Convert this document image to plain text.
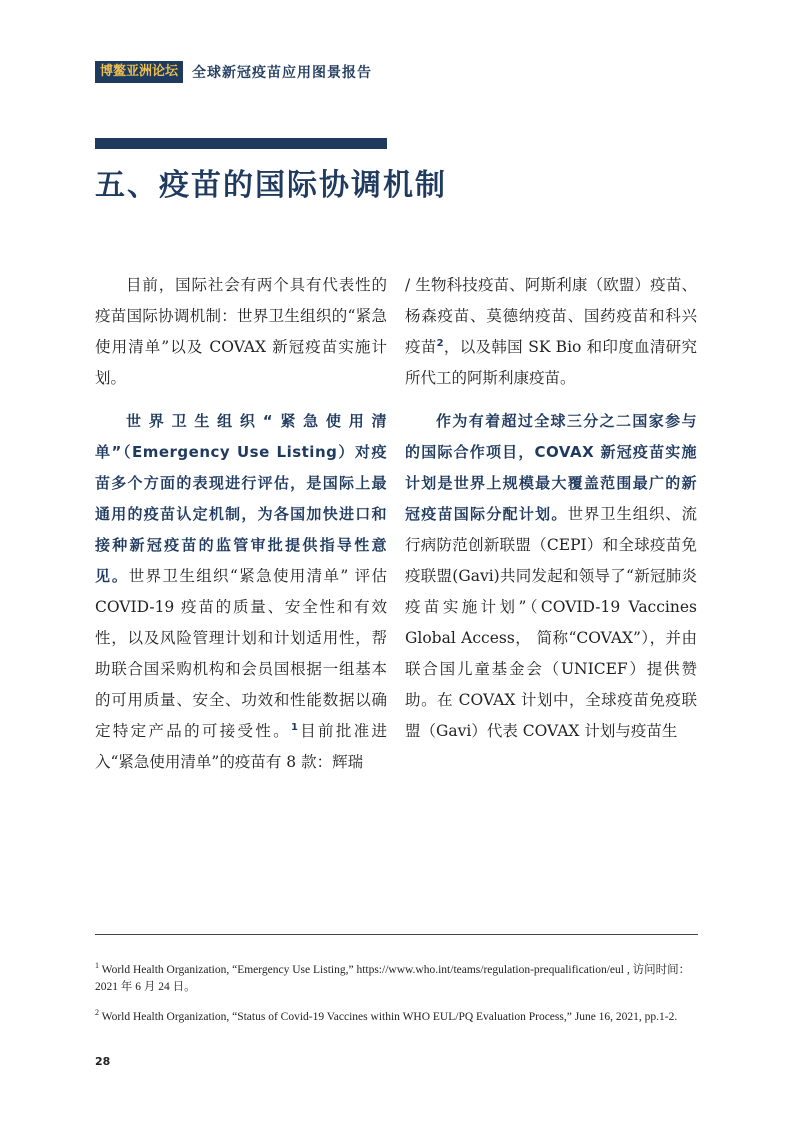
博鳌亚洲论坛	全球新冠疫苗应用图景报告
五、疫苗的国际协调机制

目前，国际社会有两个具有代表性的疫苗国际协调机制：世界卫生组织的“紧急使用清单”以及 COVAX 新冠疫苗实施计划。

世界卫生组织“紧急使用清单”（Emergency Use Listing）对疫苗多个方面的表现进行评估，是国际上最通用的疫苗认定机制，为各国加快进口和接种新冠疫苗的监管审批提供指导性意见。世界卫生组织“紧急使用清单” 评估 COVID-19 疫苗的质量、安全性和有效性，以及风险管理计划和计划适用性，帮助联合国采购机构和会员国根据一组基本的可用质量、安全、功效和性能数据以确定特定产品的可接受性。$^1$目前批准进入“紧急使用清单”的疫苗有 8 款：辉瑞

/ 生物科技疫苗、阿斯利康（欧盟）疫苗、杨森疫苗、莫德纳疫苗、国药疫苗和科兴疫苗$^2$，以及韩国 SK Bio 和印度血清研究所代工的阿斯利康疫苗。

作为有着超过全球三分之二国家参与的国际合作项目，COVAX 新冠疫苗实施计划是世界上规模最大覆盖范围最广的新冠疫苗国际分配计划。世界卫生组织、流行病防范创新联盟（CEPI）和全球疫苗免疫联盟(Gavi)共同发起和领导了“新冠肺炎疫苗实施计划”（COVID-19 Vaccines Global Access， 简称“COVAX”），并由联合国儿童基金会（UNICEF）提供赞助。在 COVAX 计划中，全球疫苗免疫联盟（Gavi）代表 COVAX 计划与疫苗生

$^1$ World Health Organization, “Emergency Use Listing,” https://www.who.int/teams/regulation-prequalification/eul , 访问时间：2021 年 6 月 24 日。

$^2$ World Health Organization, “Status of Covid-19 Vaccines within WHO EUL/PQ Evaluation Process,” June 16, 2021, pp.1-2.

28
